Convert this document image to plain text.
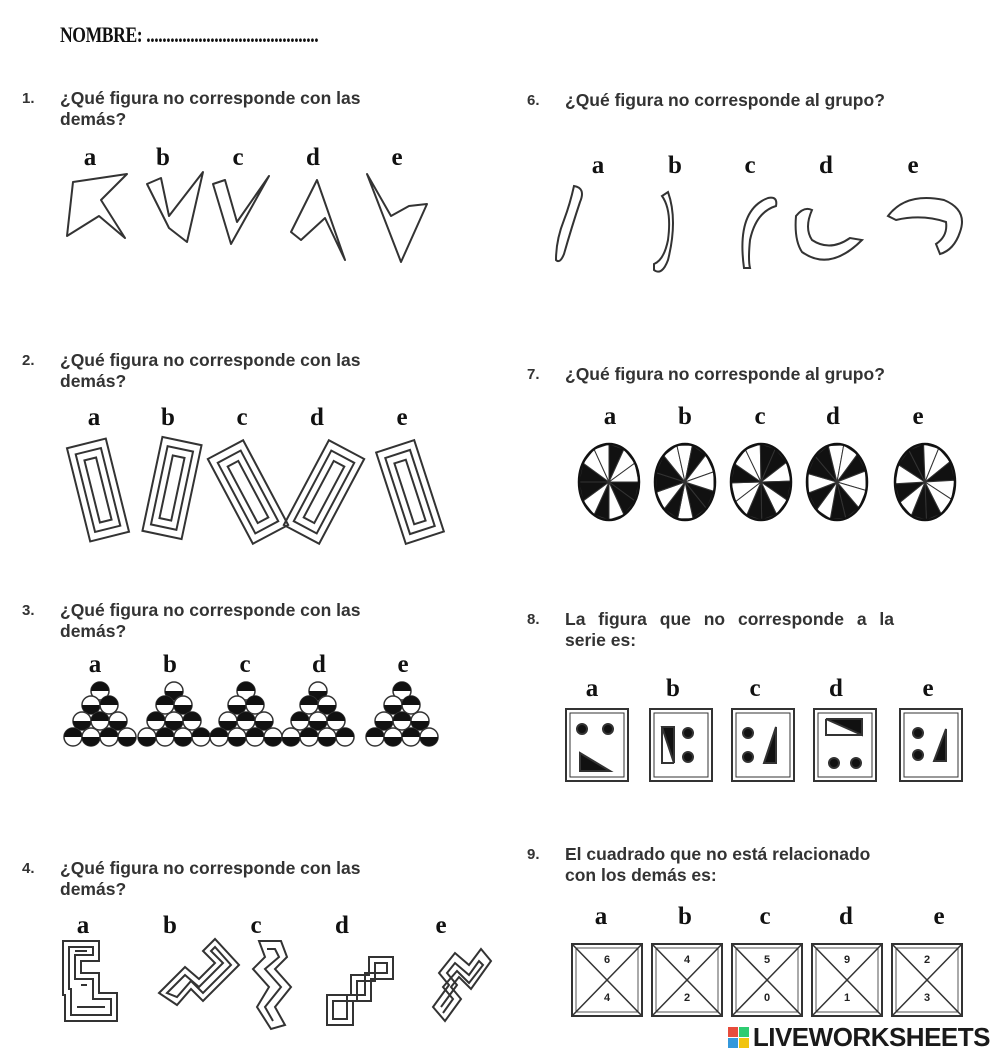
NOMBRE: ...........................................
1. ¿Qué figura no corresponde con las
demás?
2. ¿Qué figura no corresponde con las
demás?
3. ¿Qué figura no corresponde con las
demás?
4. ¿Qué figura no corresponde con las
demás?
6. ¿Qué figura no corresponde al grupo?
7. ¿Qué figura no corresponde al grupo?
8. La figura que no corresponde a la
serie es:
9. El cuadrado que no está relacionado
con los demás es:
a b c d	e
a b c d	e
a b c d	e
a	b	c	d	e
a	b c	d	e
a b c d	e
a	b	c	d	e
a	b	c	d	e
6
4
4
2
5
0
9
1
2
3
LIVEWORKSHEETS
